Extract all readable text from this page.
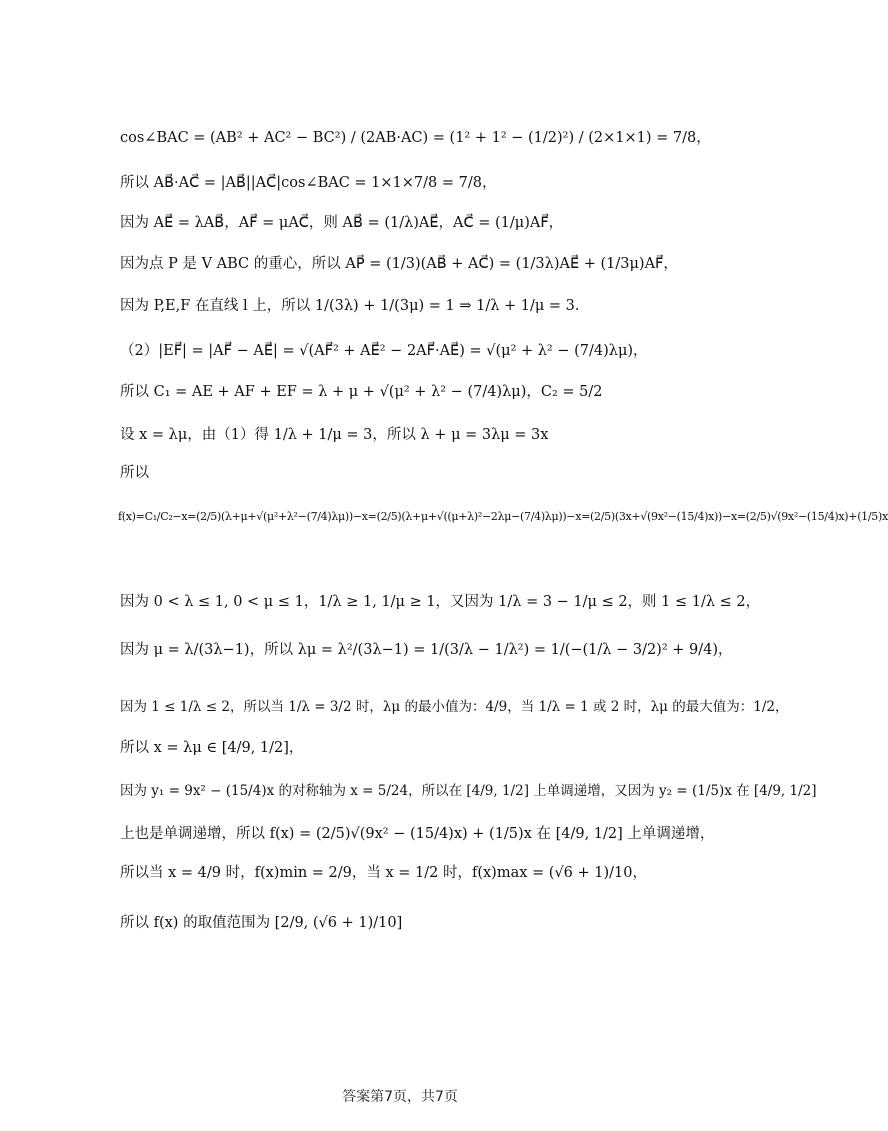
cos∠BAC = (AB² + AC² − BC²) / (2AB·AC) = (1² + 1² − (1/2)²) / (2×1×1) = 7/8，
所以 AB⃗·AC⃗ = |AB⃗||AC⃗|cos∠BAC = 1×1×7/8 = 7/8，
因为 AE⃗ = λAB⃗，AF⃗ = μAC⃗，则 AB⃗ = (1/λ)AE⃗，AC⃗ = (1/μ)AF⃗，
因为点 P 是 V ABC 的重心，所以 AP⃗ = (1/3)(AB⃗ + AC⃗) = (1/3λ)AE⃗ + (1/3μ)AF⃗，
因为 P,E,F 在直线 l 上，所以 1/(3λ) + 1/(3μ) = 1 ⇒ 1/λ + 1/μ = 3.
（2）|EF⃗| = |AF⃗ − AE⃗| = √(AF⃗² + AE⃗² − 2AF⃗·AE⃗) = √(μ² + λ² − (7/4)λμ)，
所以 C₁ = AE + AF + EF = λ + μ + √(μ² + λ² − (7/4)λμ)，C₂ = 5/2
设 x = λμ，由（1）得 1/λ + 1/μ = 3，所以 λ + μ = 3λμ = 3x
所以
f(x)=C₁/C₂−x=(2/5)(λ+μ+√(μ²+λ²−(7/4)λμ))−x=(2/5)(λ+μ+√((μ+λ)²−2λμ−(7/4)λμ))−x=(2/5)(3x+√(9x²−(15/4)x))−x=(2/5)√(9x²−(15/4)x)+(1/5)x
因为 0 < λ ≤ 1, 0 < μ ≤ 1，1/λ ≥ 1, 1/μ ≥ 1，又因为 1/λ = 3 − 1/μ ≤ 2，则 1 ≤ 1/λ ≤ 2，
因为 μ = λ/(3λ−1)，所以 λμ = λ²/(3λ−1) = 1/(3/λ − 1/λ²) = 1/(−(1/λ − 3/2)² + 9/4)，
因为 1 ≤ 1/λ ≤ 2，所以当 1/λ = 3/2 时，λμ 的最小值为：4/9，当 1/λ = 1 或 2 时，λμ 的最大值为：1/2，
所以 x = λμ ∈ [4/9, 1/2]，
因为 y₁ = 9x² − (15/4)x 的对称轴为 x = 5/24，所以在 [4/9, 1/2] 上单调递增，又因为 y₂ = (1/5)x 在 [4/9, 1/2]
上也是单调递增，所以 f(x) = (2/5)√(9x² − (15/4)x) + (1/5)x 在 [4/9, 1/2] 上单调递增，
所以当 x = 4/9 时，f(x)min = 2/9，当 x = 1/2 时，f(x)max = (√6 + 1)/10，
所以 f(x) 的取值范围为 [2/9, (√6 + 1)/10]
答案第7页，共7页
